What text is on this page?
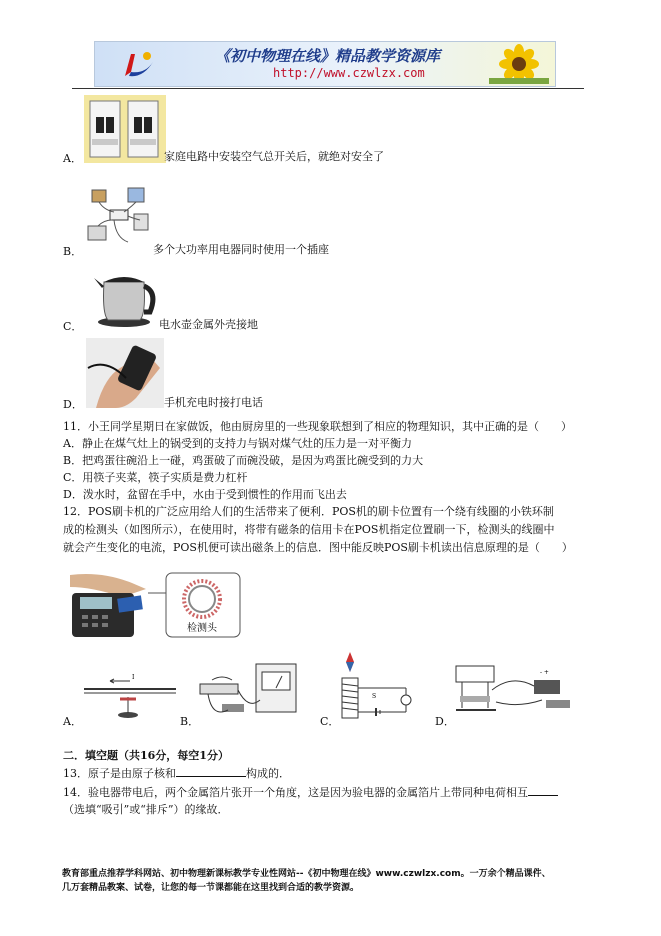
《初中物理在线》精品教学资源库
http://www.czwlzx.com
A．	家庭电路中安装空气总开关后，就绝对安全了
B．	多个大功率用电器同时使用一个插座
C．	电水壶金属外壳接地
D．	手机充电时接打电话
11．小王同学星期日在家做饭，他由厨房里的一些现象联想到了相应的物理知识，其中正确的是（　　）
A．静止在煤气灶上的锅受到的支持力与锅对煤气灶的压力是一对平衡力
B．把鸡蛋往碗沿上一碰，鸡蛋破了而碗没破，是因为鸡蛋比碗受到的力大
C．用筷子夹菜，筷子实质是费力杠杆
D．泼水时，盆留在手中，水由于受到惯性的作用而飞出去
12．POS刷卡机的广泛应用给人们的生活带来了便利．POS机的刷卡位置有一个绕有线圈的小铁环制
成的检测头（如图所示），在使用时，将带有磁条的信用卡在POS机指定位置刷一下，检测头的线圈中
就会产生变化的电流，POS机便可读出磁条上的信息．图中能反映POS刷卡机读出信息原理的是（　　）
检测头
I
A．	B．
S
C．
- +
D．
二．填空题（共16分，每空1分）
13．原子是由原子核和	构成的．
14．验电器带电后，两个金属箔片张开一个角度，这是因为验电器的金属箔片上带同种电荷相互
（选填“吸引”或“排斥”）的缘故．
教育部重点推荐学科网站、初中物理新课标教学专业性网站--《初中物理在线》www.czwlzx.com。一万余个精品课件、
几万套精品教案、试卷，让您的每一节课都能在这里找到合适的教学资源。
